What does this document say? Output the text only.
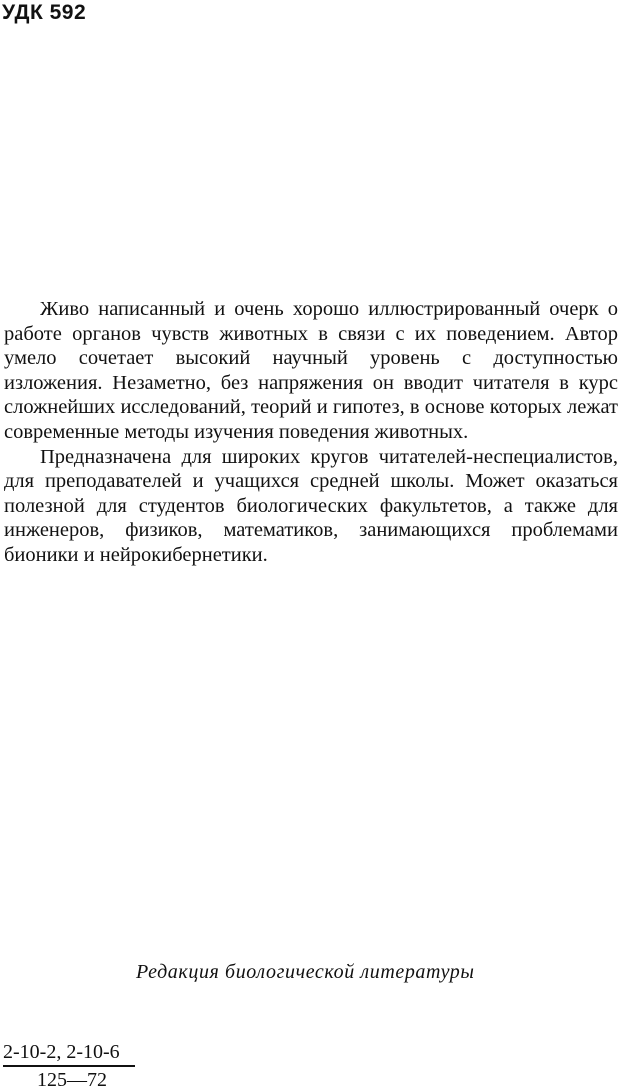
УДК 592

Живо написанный и очень хорошо иллюстрированный очерк о работе органов чувств животных в связи с их поведением. Автор умело сочетает высокий научный уровень с доступностью изложения. Незаметно, без напряжения он вводит читателя в курс сложнейших исследований, теорий и гипотез, в основе которых лежат современные методы изучения поведения животных.

Предназначена для широких кругов читателей-неспециалистов, для преподавателей и учащихся средней школы. Может оказаться полезной для студентов биологических факультетов, а также для инженеров, физиков, математиков, занимающихся проблемами бионики и нейрокибернетики.

Редакция биологической литературы
$\frac{2-10-2, 2-10-6}{125—72}$
